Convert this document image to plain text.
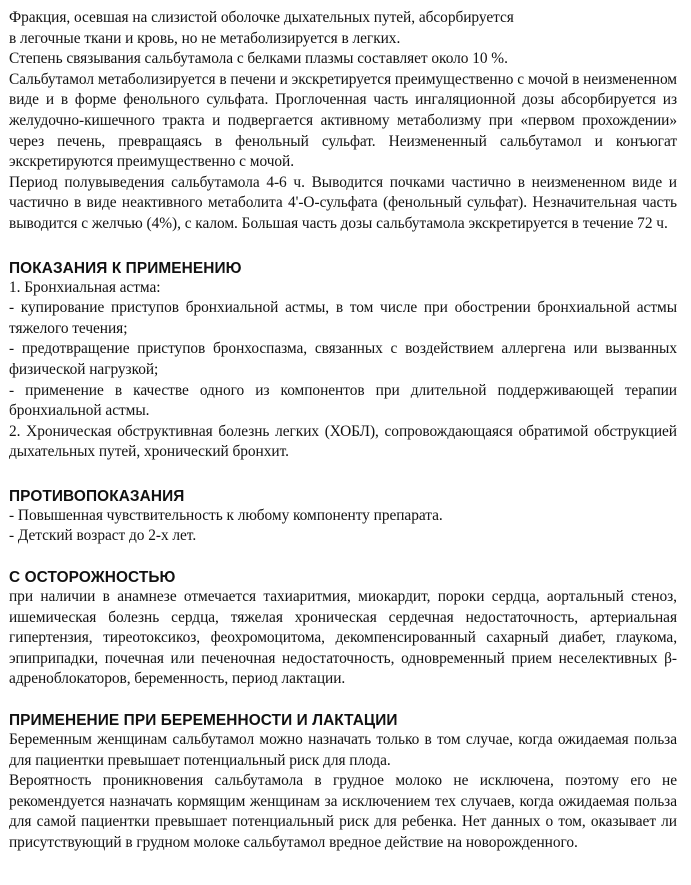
Фракция, осевшая на слизистой оболочке дыхательных путей, абсорбируется
в легочные ткани и кровь, но не метаболизируется в легких.

Степень связывания сальбутамола с белками плазмы составляет около 10 %.

Сальбутамол метаболизируется в печени и экскретируется преимущественно с мочой в неизмененном виде и в форме фенольного сульфата. Проглоченная часть ингаляционной дозы абсорбируется из желудочно-кишечного тракта и подвергается активному метаболизму при «первом прохождении» через печень, превращаясь в фенольный сульфат. Неизмененный сальбутамол и конъюгат экскретируются преимущественно с мочой.

Период полувыведения сальбутамола 4-6 ч. Выводится почками частично в неизмененном виде и частично в виде неактивного метаболита 4'-О-сульфата (фенольный сульфат). Незначительная часть выводится с желчью (4%), с калом. Большая часть дозы сальбутамола экскретируется в течение 72 ч.

ПОКАЗАНИЯ К ПРИМЕНЕНИЮ

1. Бронхиальная астма:

- купирование приступов бронхиальной астмы, в том числе при обострении бронхиальной астмы тяжелого течения;

- предотвращение приступов бронхоспазма, связанных с воздействием аллергена или вызванных физической нагрузкой;

- применение в качестве одного из компонентов при длительной поддерживающей терапии бронхиальной астмы.

2. Хроническая обструктивная болезнь легких (ХОБЛ), сопровождающаяся обратимой обструкцией дыхательных путей, хронический бронхит.

ПРОТИВОПОКАЗАНИЯ

- Повышенная чувствительность к любому компоненту препарата.

- Детский возраст до 2-х лет.

С ОСТОРОЖНОСТЬЮ

при наличии в анамнезе отмечается тахиаритмия, миокардит, пороки сердца, аортальный стеноз, ишемическая болезнь сердца, тяжелая хроническая сердечная недостаточность, артериальная гипертензия, тиреотоксикоз, феохромоцитома, декомпенсированный сахарный диабет, глаукома, эпиприпадки, почечная или печеночная недостаточность, одновременный прием неселективных β-адреноблокаторов, беременность, период лактации.

ПРИМЕНЕНИЕ ПРИ БЕРЕМЕННОСТИ И ЛАКТАЦИИ

Беременным женщинам сальбутамол можно назначать только в том случае, когда ожидаемая польза для пациентки превышает потенциальный риск для плода.

Вероятность проникновения сальбутамола в грудное молоко не исключена, поэтому его не рекомендуется назначать кормящим женщинам за исключением тех случаев, когда ожидаемая польза для самой пациентки превышает потенциальный риск для ребенка. Нет данных о том, оказывает ли присутствующий в грудном молоке сальбутамол вредное действие на новорожденного.
